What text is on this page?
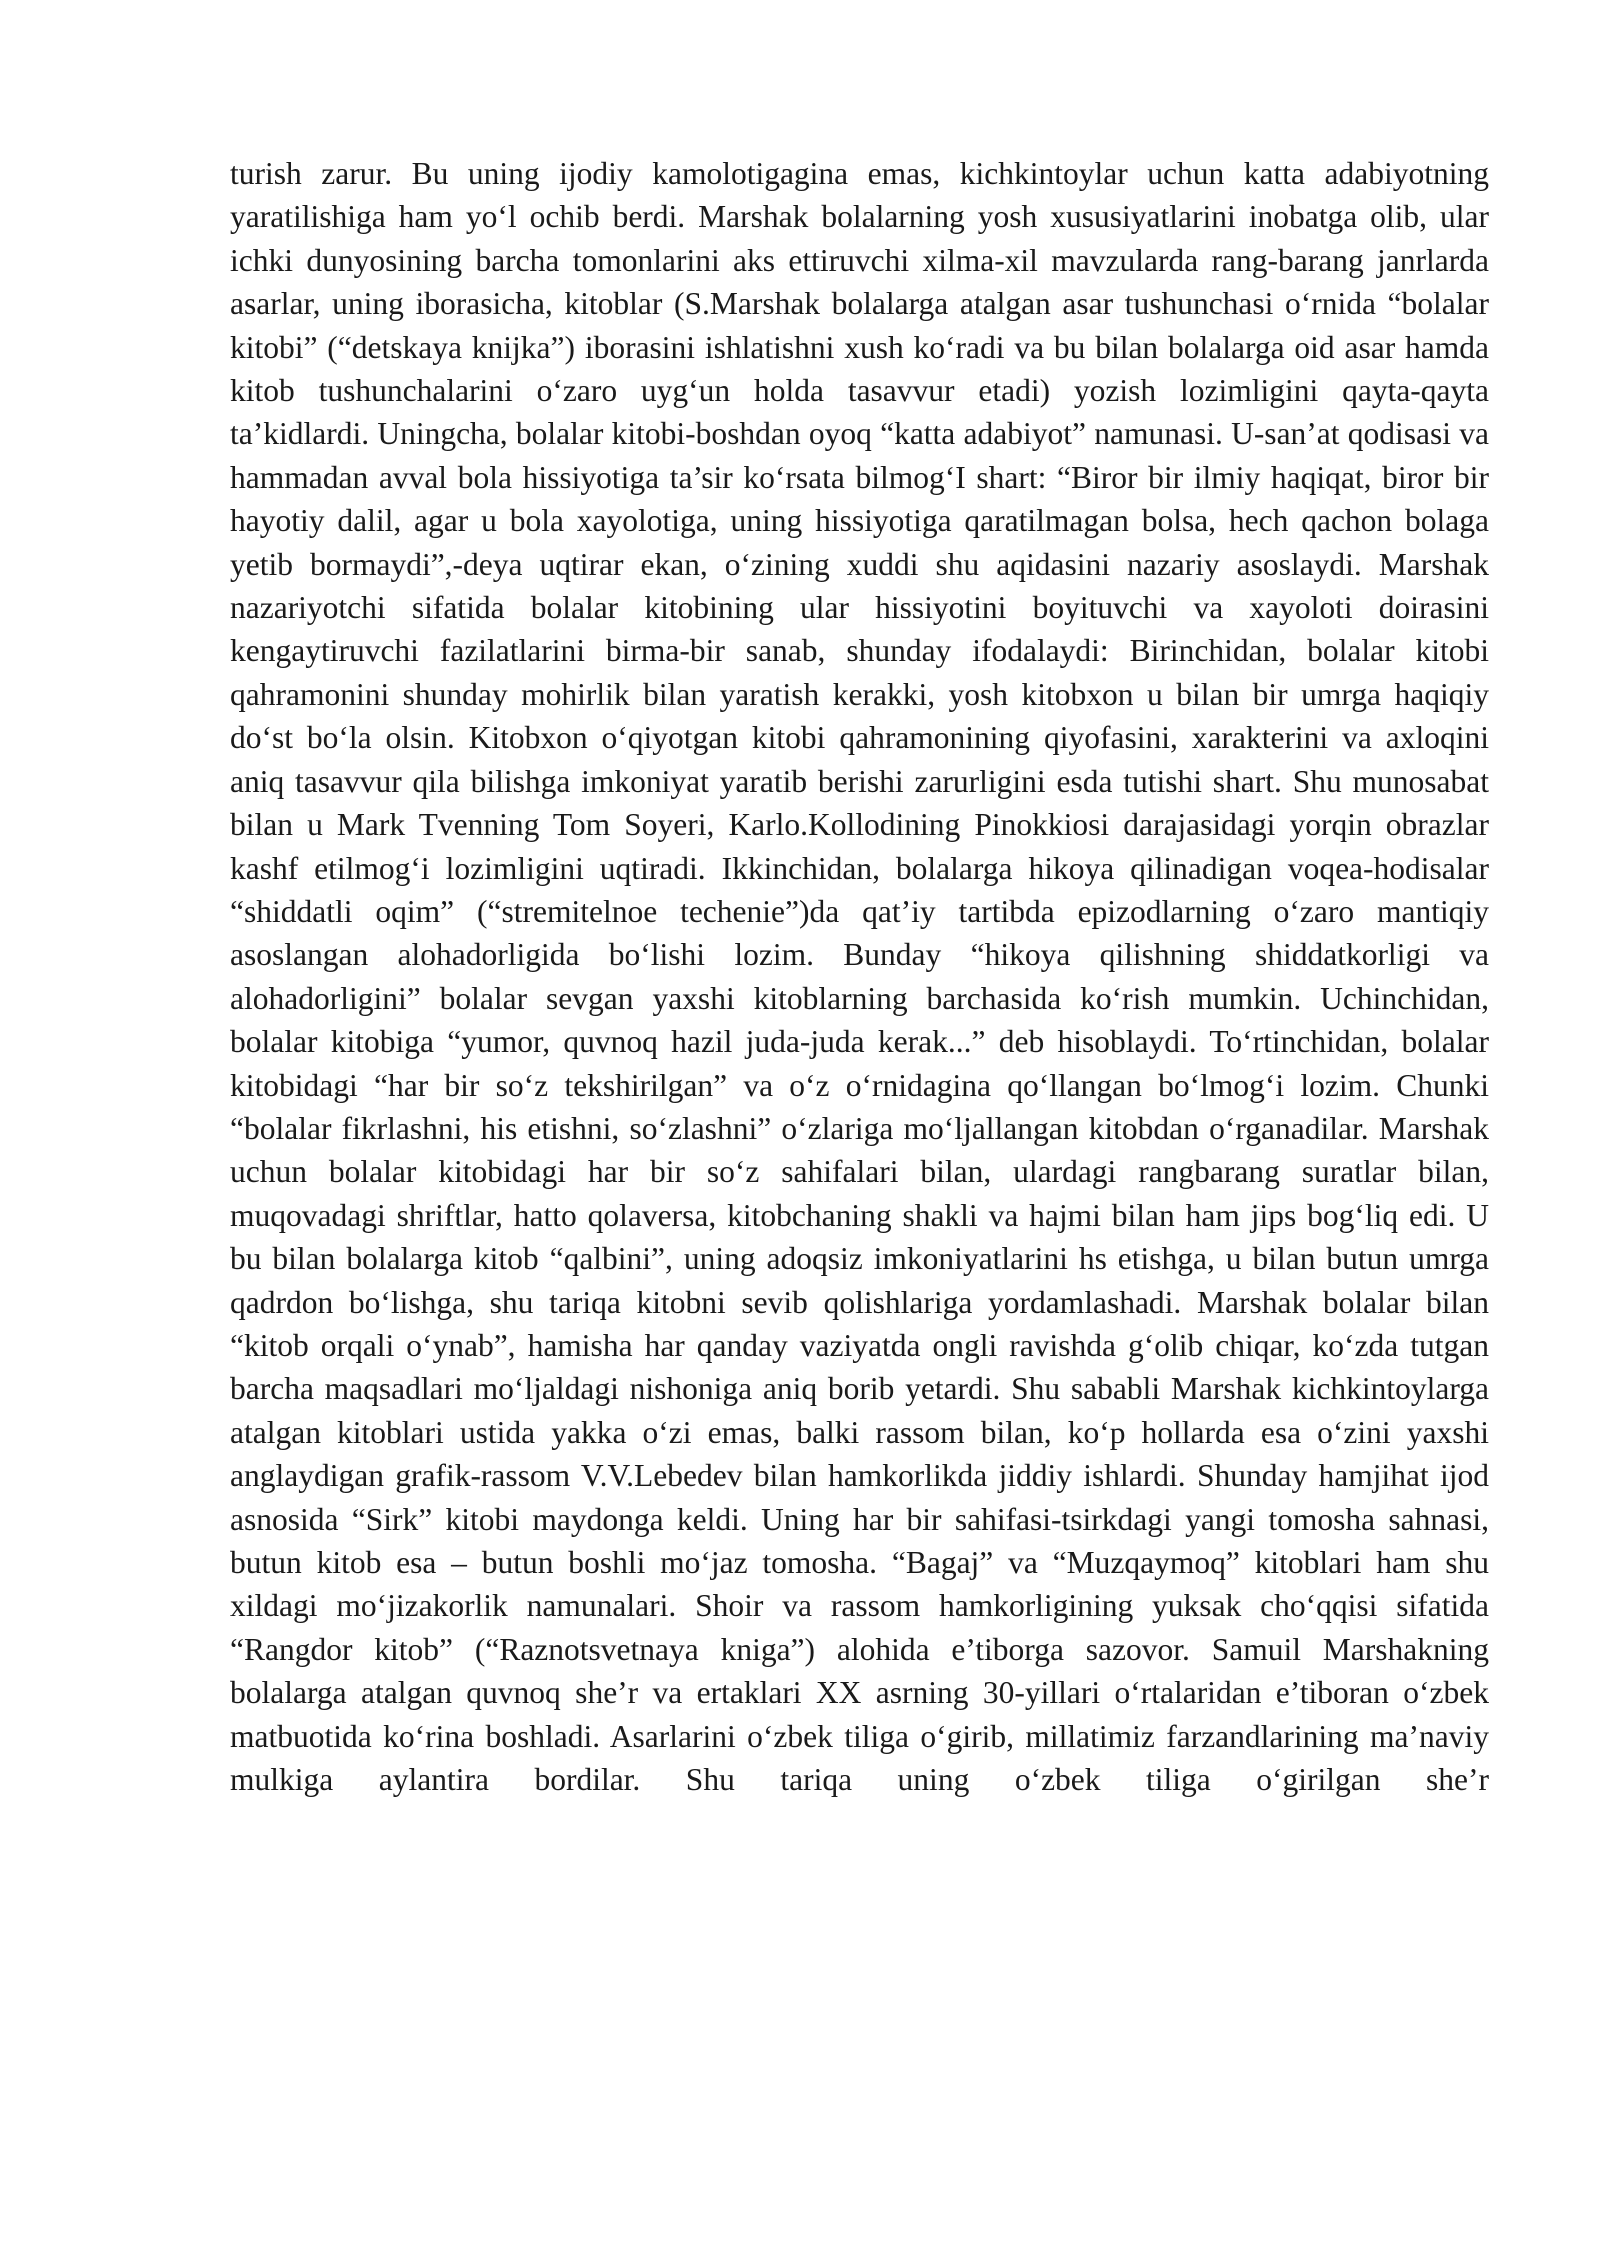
turish zarur. Bu uning ijodiy kamolotigagina emas, kichkintoylar uchun katta adabiyotning yaratilishiga ham yo‘l ochib berdi. Marshak bolalarning yosh xususiyatlarini inobatga olib, ular ichki dunyosining barcha tomonlarini aks ettiruvchi xilma-xil mavzularda rang-barang janrlarda asarlar, uning iborasicha, kitoblar (S.Marshak bolalarga atalgan asar tushunchasi o‘rnida “bolalar kitobi” (“detskaya knijka”) iborasini ishlatishni xush ko‘radi va bu bilan bolalarga oid asar hamda kitob tushunchalarini o‘zaro uyg‘un holda tasavvur etadi) yozish lozimligini qayta-qayta ta’kidlardi. Uningcha, bolalar kitobi-boshdan oyoq “katta adabiyot” namunasi. U-san’at qodisasi va hammadan avval bola hissiyotiga ta’sir ko‘rsata bilmog‘I shart: “Biror bir ilmiy haqiqat, biror bir hayotiy dalil, agar u bola xayolotiga, uning hissiyotiga qaratilmagan bolsa, hech qachon bolaga yetib bormaydi”,-deya uqtirar ekan, o‘zining xuddi shu aqidasini nazariy asoslaydi. Marshak nazariyotchi sifatida bolalar kitobining ular hissiyotini boyituvchi va xayoloti doirasini kengaytiruvchi fazilatlarini birma-bir sanab, shunday ifodalaydi: Birinchidan, bolalar kitobi qahramonini shunday mohirlik bilan yaratish kerakki, yosh kitobxon u bilan bir umrga haqiqiy do‘st bo‘la olsin. Kitobxon o‘qiyotgan kitobi qahramonining qiyofasini, xarakterini va axloqini aniq tasavvur qila bilishga imkoniyat yaratib berishi zarurligini esda tutishi shart. Shu munosabat bilan u Mark Tvenning Tom Soyeri, Karlo.Kollodining Pinokkiosi darajasidagi yorqin obrazlar kashf etilmog‘i lozimligini uqtiradi. Ikkinchidan, bolalarga hikoya qilinadigan voqea-hodisalar “shiddatli oqim” (“stremitelnoe techenie”)da qat’iy tartibda epizodlarning o‘zaro mantiqiy asoslangan alohadorligida bo‘lishi lozim. Bunday “hikoya qilishning shiddatkorligi va alohadorligini” bolalar sevgan yaxshi kitoblarning barchasida ko‘rish mumkin. Uchinchidan, bolalar kitobiga “yumor, quvnoq hazil juda-juda kerak...” deb hisoblaydi. To‘rtinchidan, bolalar kitobidagi “har bir so‘z tekshirilgan” va o‘z o‘rnidagina qo‘llangan bo‘lmog‘i lozim. Chunki “bolalar fikrlashni, his etishni, so‘zlashni” o‘zlariga mo‘ljallangan kitobdan o‘rganadilar. Marshak uchun bolalar kitobidagi har bir so‘z sahifalari bilan, ulardagi rangbarang suratlar bilan, muqovadagi shriftlar, hatto qolaversa, kitobchaning shakli va hajmi bilan ham jips bog‘liq edi. U bu bilan bolalarga kitob “qalbini”, uning adoqsiz imkoniyatlarini hs etishga, u bilan butun umrga qadrdon bo‘lishga, shu tariqa kitobni sevib qolishlariga yordamlashadi. Marshak bolalar bilan “kitob orqali o‘ynab”, hamisha har qanday vaziyatda ongli ravishda g‘olib chiqar, ko‘zda tutgan barcha maqsadlari mo‘ljaldagi nishoniga aniq borib yetardi. Shu sababli Marshak kichkintoylarga atalgan kitoblari ustida yakka o‘zi emas, balki rassom bilan, ko‘p hollarda esa o‘zini yaxshi anglaydigan grafik-rassom V.V.Lebedev bilan hamkorlikda jiddiy ishlardi. Shunday hamjihat ijod asnosida “Sirk” kitobi maydonga keldi. Uning har bir sahifasi-tsirkdagi yangi tomosha sahnasi, butun kitob esa – butun boshli mo‘jaz tomosha. “Bagaj” va “Muzqaymoq” kitoblari ham shu xildagi mo‘jizakorlik namunalari. Shoir va rassom hamkorligining yuksak cho‘qqisi sifatida “Rangdor kitob” (“Raznotsvetnaya kniga”) alohida e’tiborga sazovor. Samuil Marshakning bolalarga atalgan quvnoq she’r va ertaklari XX asrning 30-yillari o‘rtalaridan e’tiboran o‘zbek matbuotida ko‘rina boshladi. Asarlarini o‘zbek tiliga o‘girib, millatimiz farzandlarining ma’naviy mulkiga aylantira bordilar. Shu tariqa uning o‘zbek tiliga o‘girilgan she’r
